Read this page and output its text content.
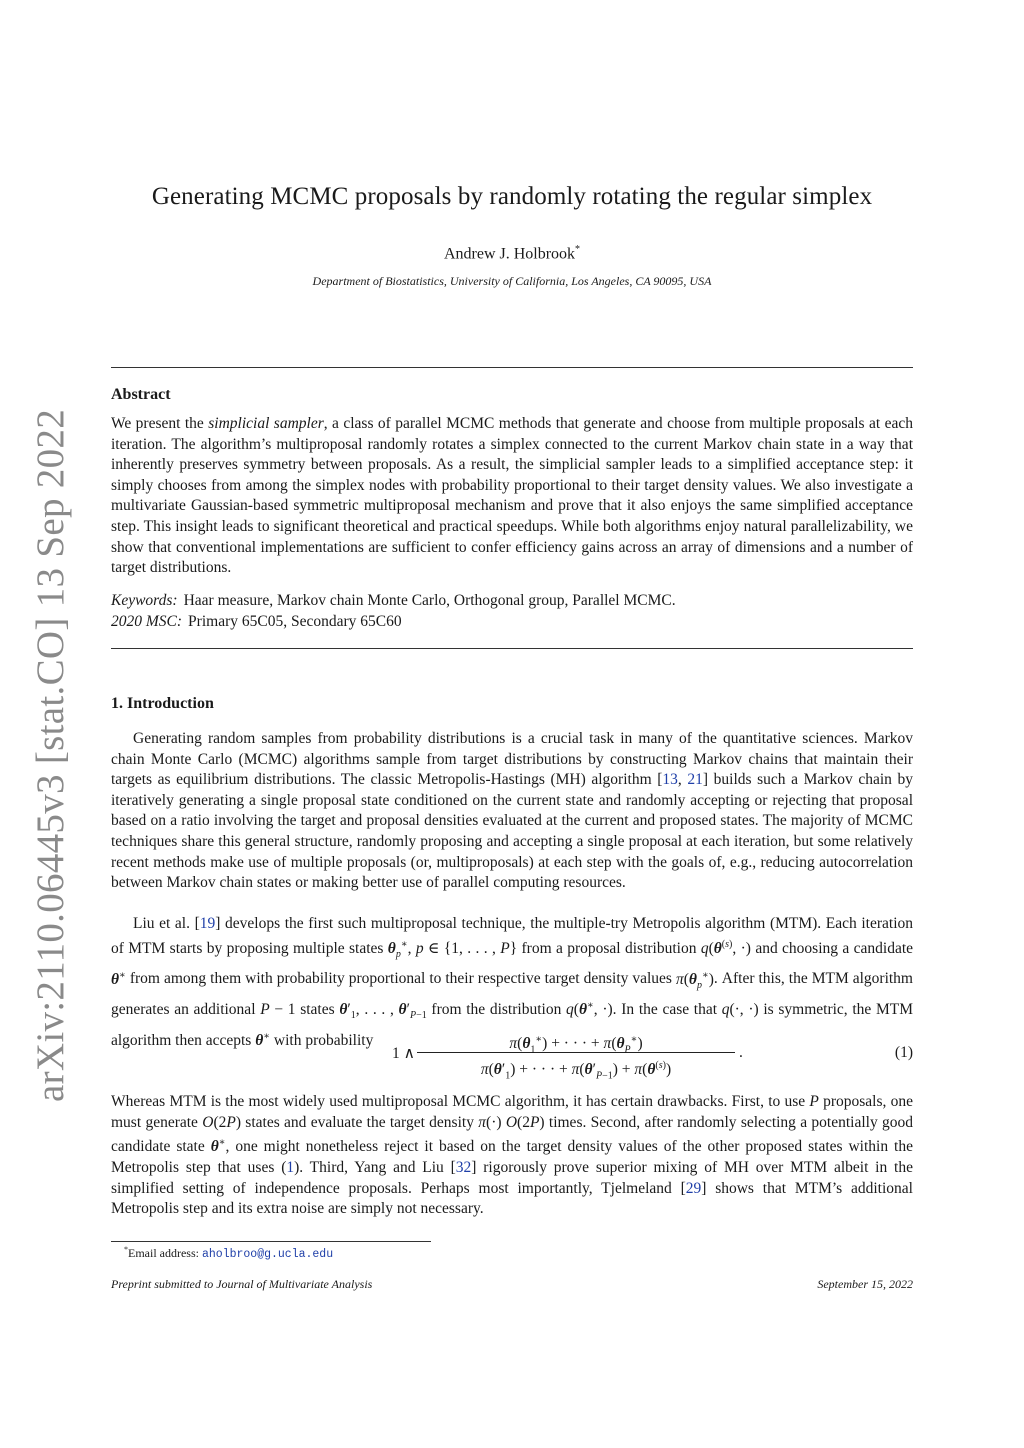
arXiv:2110.06445v3 [stat.CO] 13 Sep 2022
Generating MCMC proposals by randomly rotating the regular simplex
Andrew J. Holbrook*
Department of Biostatistics, University of California, Los Angeles, CA 90095, USA
Abstract
We present the simplicial sampler, a class of parallel MCMC methods that generate and choose from multiple proposals at each iteration. The algorithm’s multiproposal randomly rotates a simplex connected to the current Markov chain state in a way that inherently preserves symmetry between proposals. As a result, the simplicial sampler leads to a simplified acceptance step: it simply chooses from among the simplex nodes with probability proportional to their target density values. We also investigate a multivariate Gaussian-based symmetric multiproposal mechanism and prove that it also enjoys the same simplified acceptance step. This insight leads to significant theoretical and practical speedups. While both algorithms enjoy natural parallelizability, we show that conventional implementations are sufficient to confer efficiency gains across an array of dimensions and a number of target distributions.
Keywords: Haar measure, Markov chain Monte Carlo, Orthogonal group, Parallel MCMC.
2020 MSC: Primary 65C05, Secondary 65C60
1. Introduction
Generating random samples from probability distributions is a crucial task in many of the quantitative sciences. Markov chain Monte Carlo (MCMC) algorithms sample from target distributions by constructing Markov chains that maintain their targets as equilibrium distributions. The classic Metropolis-Hastings (MH) algorithm [13, 21] builds such a Markov chain by iteratively generating a single proposal state conditioned on the current state and randomly accepting or rejecting that proposal based on a ratio involving the target and proposal densities evaluated at the current and proposed states. The majority of MCMC techniques share this general structure, randomly proposing and accepting a single proposal at each iteration, but some relatively recent methods make use of multiple proposals (or, multiproposals) at each step with the goals of, e.g., reducing autocorrelation between Markov chain states or making better use of parallel computing resources.
Liu et al. [19] develops the first such multiproposal technique, the multiple-try Metropolis algorithm (MTM). Each iteration of MTM starts by proposing multiple states $\theta_p^∗$, p ∈ {1, . . . , P} from a proposal distribution $q(\theta^{(s)}$, ·) and choosing a candidate θ∗ from among them with probability proportional to their respective target density values $\pi(\theta_p^∗)$. After this, the MTM algorithm generates an additional P − 1 states $\theta'_1$, . . . , $\theta'_{P-1}$ from the distribution q(θ∗, ·). In the case that q(·, ·) is symmetric, the MTM algorithm then accepts θ∗ with probability
1 ∧
$\pi(\theta_1^∗)$ + · · · + $\pi(\theta_P^∗)$
$\pi(\theta'_1)$ + · · · + $\pi(\theta'_{P-1}) + \pi(\theta^{(s)})$
.	(1)
Whereas MTM is the most widely used multiproposal MCMC algorithm, it has certain drawbacks. First, to use P proposals, one must generate O(2P) states and evaluate the target density π(·) O(2P) times. Second, after randomly selecting a potentially good candidate state θ∗, one might nonetheless reject it based on the target density values of the other proposed states within the Metropolis step that uses (1). Third, Yang and Liu [32] rigorously prove superior mixing of MH over MTM albeit in the simplified setting of independence proposals. Perhaps most importantly, Tjelmeland [29] shows that MTM’s additional Metropolis step and its extra noise are simply not necessary.
*Email address: aholbroo@g.ucla.edu
Preprint submitted to Journal of Multivariate Analysis	September 15, 2022
